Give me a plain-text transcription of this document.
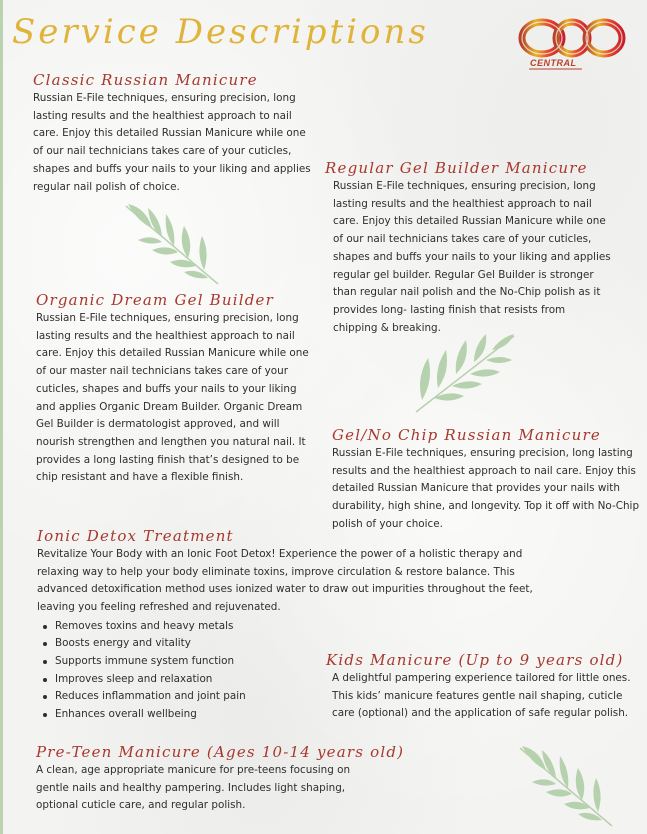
Service Descriptions
CENTRAL
Classic Russian Manicure
Russian E-File techniques, ensuring precision, long
lasting results and the healthiest approach to nail
care. Enjoy this detailed Russian Manicure while one
of our nail technicians takes care of your cuticles,
shapes and buffs your nails to your liking and applies
regular nail polish of choice.
Regular Gel Builder Manicure
Russian E-File techniques, ensuring precision, long
lasting results and the healthiest approach to nail
care. Enjoy this detailed Russian Manicure while one
of our nail technicians takes care of your cuticles,
shapes and buffs your nails to your liking and applies
regular gel builder. Regular Gel Builder is stronger
than regular nail polish and the No-Chip polish as it
provides long- lasting finish that resists from
chipping & breaking.
Organic Dream Gel Builder
Russian E-File techniques, ensuring precision, long
lasting results and the healthiest approach to nail
care. Enjoy this detailed Russian Manicure while one
of our master nail technicians takes care of your
cuticles, shapes and buffs your nails to your liking
and applies Organic Dream Builder. Organic Dream
Gel Builder is dermatologist approved, and will
nourish strengthen and lengthen you natural nail. It
provides a long lasting finish that’s designed to be
chip resistant and have a flexible finish.
Gel/No Chip Russian Manicure
Russian E-File techniques, ensuring precision, long lasting
results and the healthiest approach to nail care. Enjoy this
detailed Russian Manicure that provides your nails with
durability, high shine, and longevity. Top it off with No-Chip
polish of your choice.
Ionic Detox Treatment
Revitalize Your Body with an Ionic Foot Detox! Experience the power of a holistic therapy and
relaxing way to help your body eliminate toxins, improve circulation & restore balance. This
advanced detoxification method uses ionized water to draw out impurities throughout the feet,
leaving you feeling refreshed and rejuvenated.
Removes toxins and heavy metals
Boosts energy and vitality
Supports immune system function
Improves sleep and relaxation
Reduces inflammation and joint pain
Enhances overall wellbeing
Kids Manicure (Up to 9 years old)
A delightful pampering experience tailored for little ones.
This kids’ manicure features gentle nail shaping, cuticle
care (optional) and the application of safe regular polish.
Pre-Teen Manicure (Ages 10-14 years old)
A clean, age appropriate manicure for pre-teens focusing on
gentle nails and healthy pampering. Includes light shaping,
optional cuticle care, and regular polish.
